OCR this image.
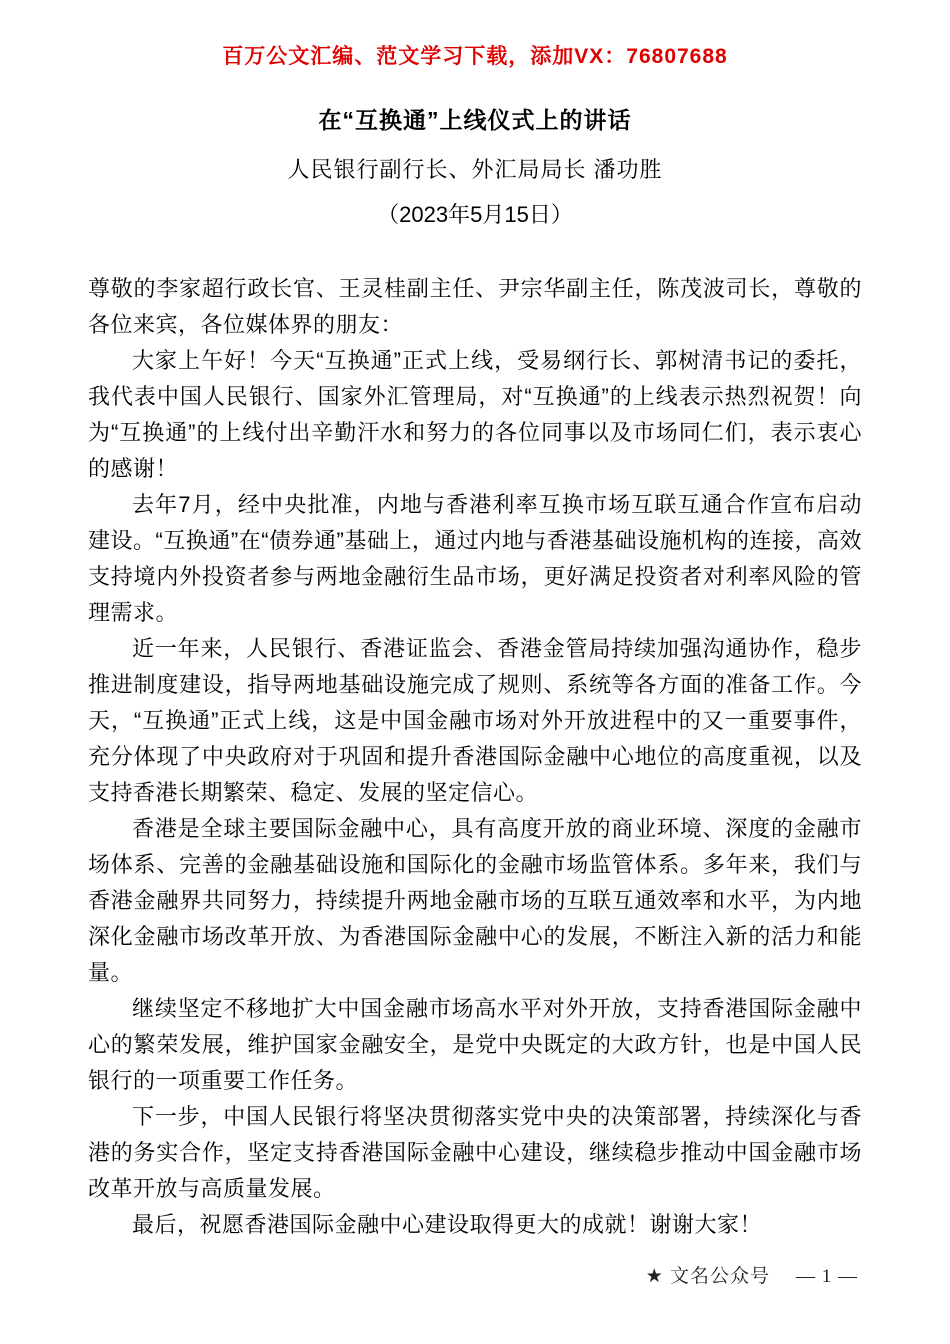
百万公文汇编、范文学习下载，添加VX：76807688
在“互换通”上线仪式上的讲话
人民银行副行长、外汇局局长 潘功胜
（2023年5月15日）

尊敬的李家超行政长官、王灵桂副主任、尹宗华副主任，陈茂波司长，尊敬的各位来宾，各位媒体界的朋友：

大家上午好！今天“互换通”正式上线，受易纲行长、郭树清书记的委托，我代表中国人民银行、国家外汇管理局，对“互换通”的上线表示热烈祝贺！向为“互换通”的上线付出辛勤汗水和努力的各位同事以及市场同仁们，表示衷心的感谢！

去年7月，经中央批准，内地与香港利率互换市场互联互通合作宣布启动建设。“互换通”在“债券通”基础上，通过内地与香港基础设施机构的连接，高效支持境内外投资者参与两地金融衍生品市场，更好满足投资者对利率风险的管理需求。

近一年来，人民银行、香港证监会、香港金管局持续加强沟通协作，稳步推进制度建设，指导两地基础设施完成了规则、系统等各方面的准备工作。今天，“互换通”正式上线，这是中国金融市场对外开放进程中的又一重要事件，充分体现了中央政府对于巩固和提升香港国际金融中心地位的高度重视，以及支持香港长期繁荣、稳定、发展的坚定信心。

香港是全球主要国际金融中心，具有高度开放的商业环境、深度的金融市场体系、完善的金融基础设施和国际化的金融市场监管体系。多年来，我们与香港金融界共同努力，持续提升两地金融市场的互联互通效率和水平，为内地深化金融市场改革开放、为香港国际金融中心的发展，不断注入新的活力和能量。

继续坚定不移地扩大中国金融市场高水平对外开放，支持香港国际金融中心的繁荣发展，维护国家金融安全，是党中央既定的大政方针，也是中国人民银行的一项重要工作任务。

下一步，中国人民银行将坚决贯彻落实党中央的决策部署，持续深化与香港的务实合作，坚定支持香港国际金融中心建设，继续稳步推动中国金融市场改革开放与高质量发展。

最后，祝愿香港国际金融中心建设取得更大的成就！谢谢大家！

★ 文名公众号 — 1 —
